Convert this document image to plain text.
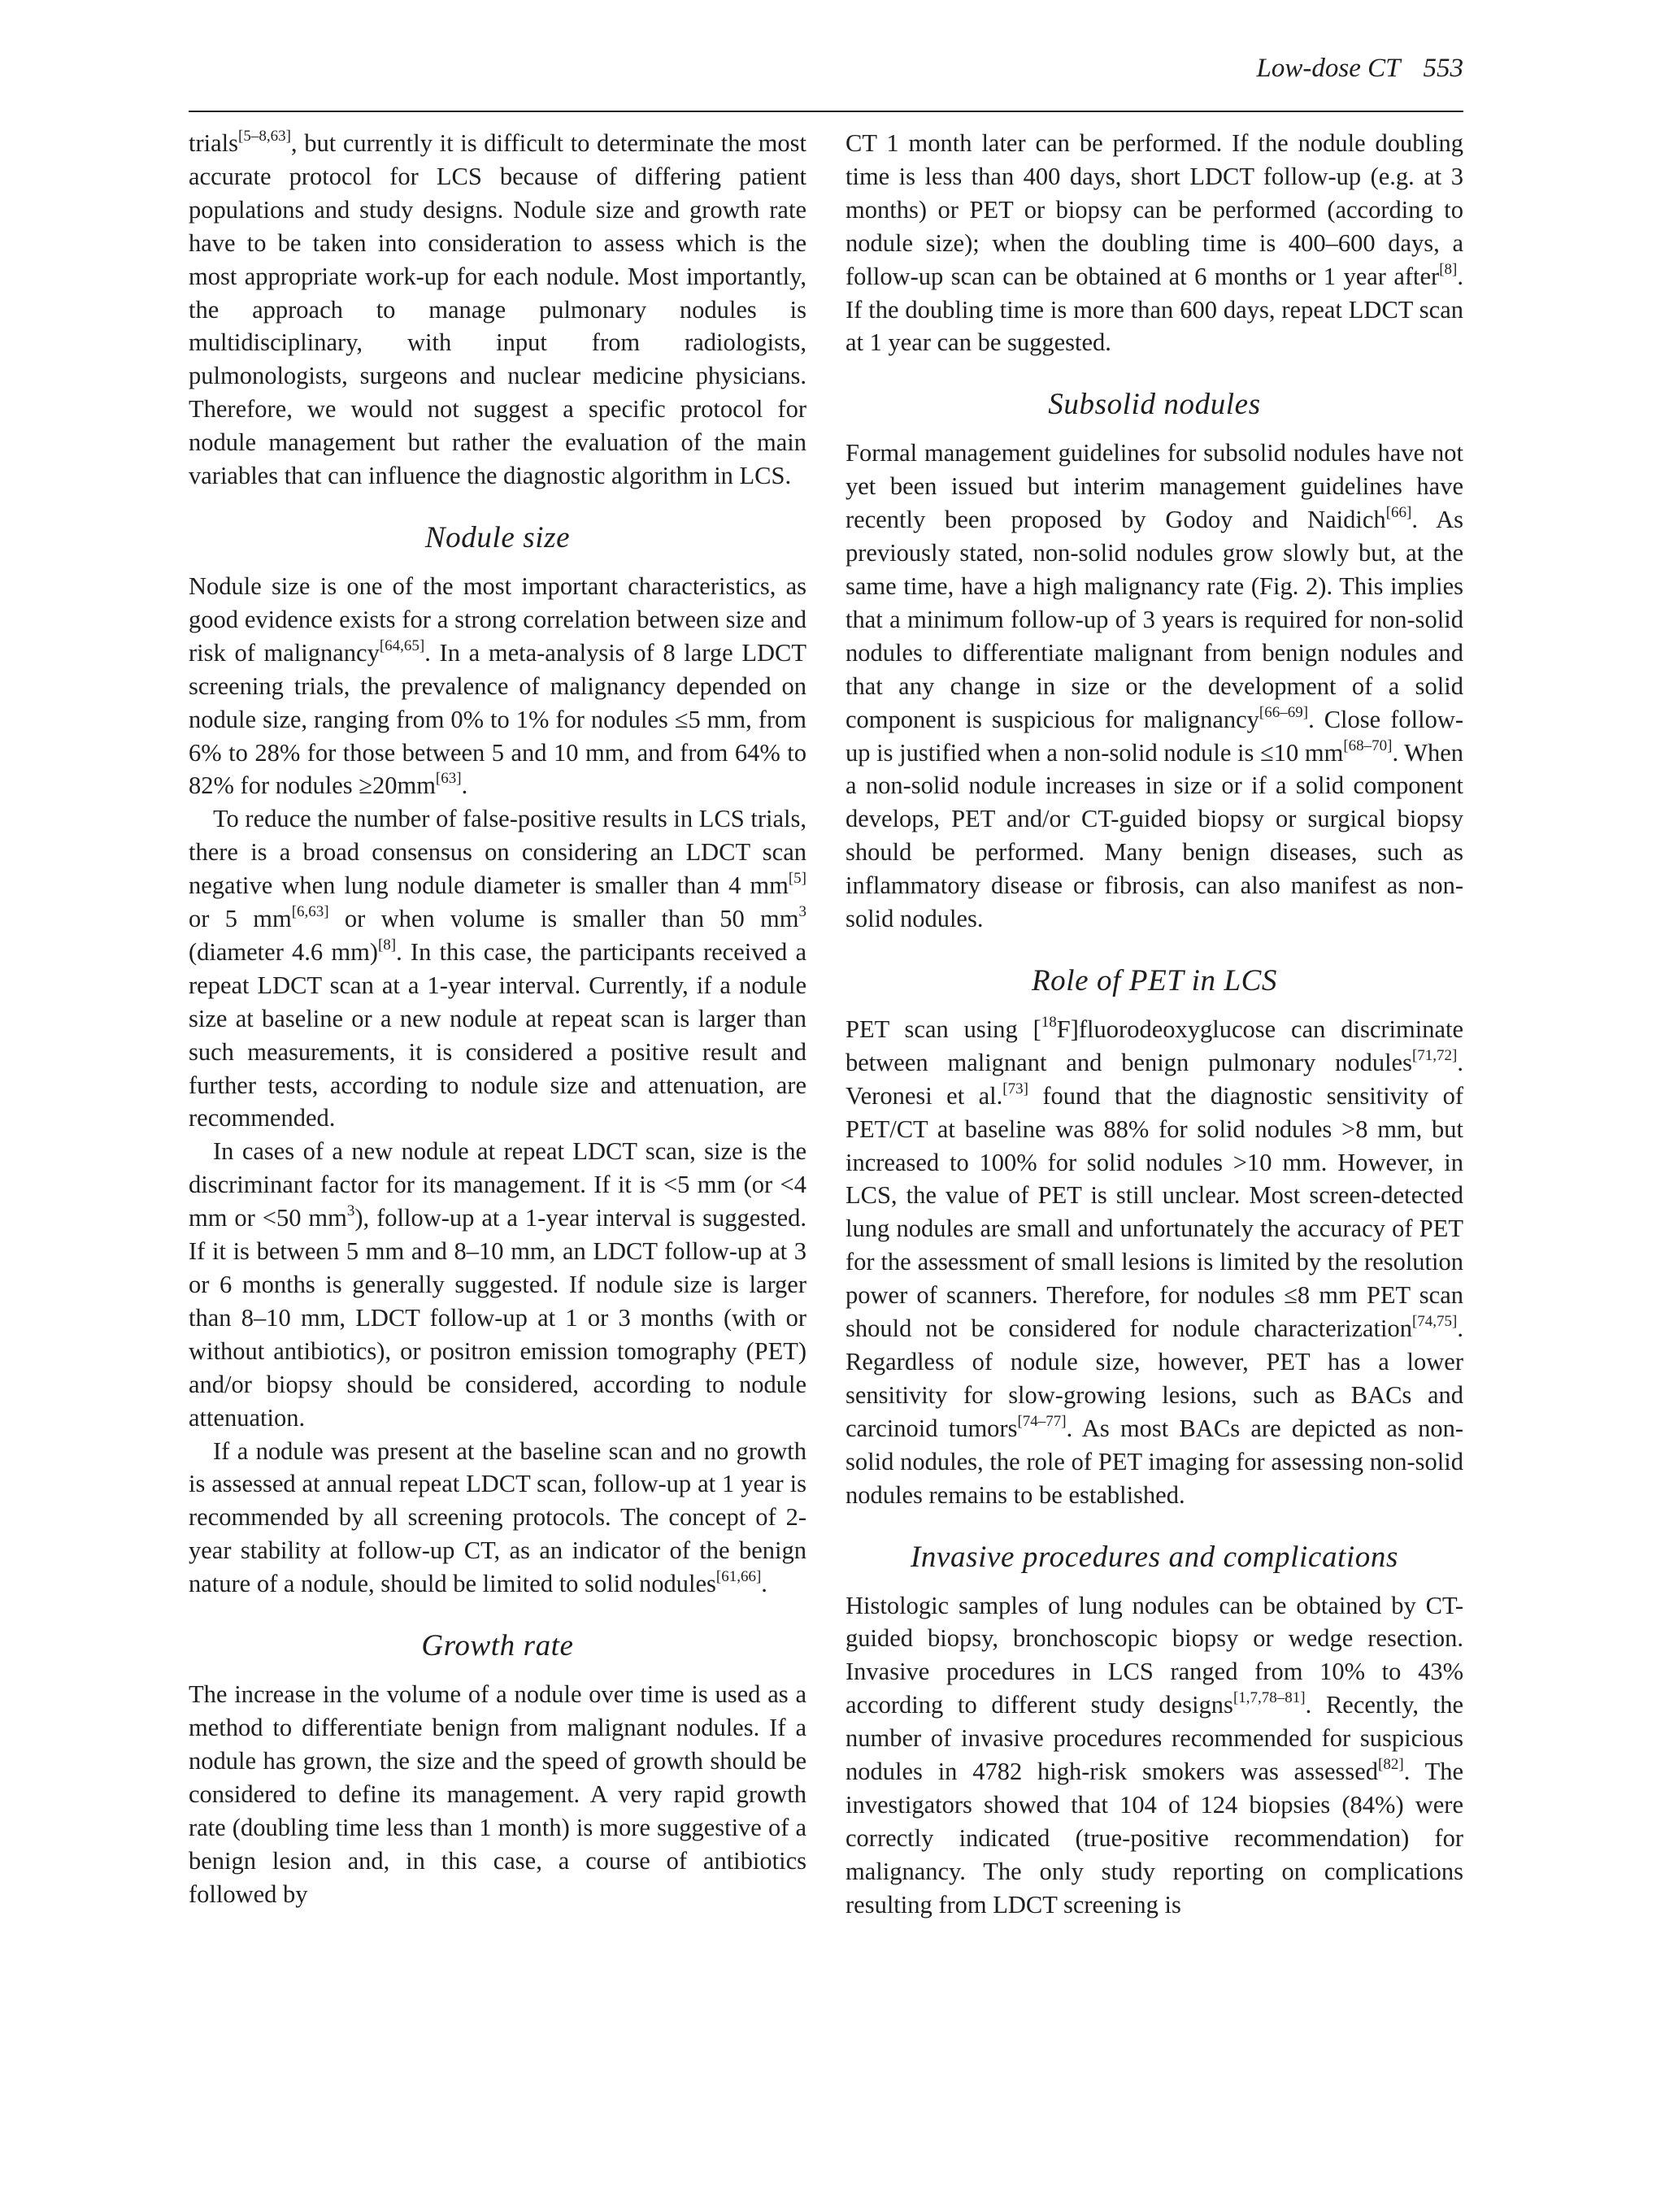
Low-dose CT 553

trials[5–8,63], but currently it is difficult to determinate the most accurate protocol for LCS because of differing patient populations and study designs. Nodule size and growth rate have to be taken into consideration to assess which is the most appropriate work-up for each nodule. Most importantly, the approach to manage pulmonary nodules is multidisciplinary, with input from radiologists, pulmonologists, surgeons and nuclear medicine physicians. Therefore, we would not suggest a specific protocol for nodule management but rather the evaluation of the main variables that can influence the diagnostic algorithm in LCS.

Nodule size

Nodule size is one of the most important characteristics, as good evidence exists for a strong correlation between size and risk of malignancy[64,65]. In a meta-analysis of 8 large LDCT screening trials, the prevalence of malignancy depended on nodule size, ranging from 0% to 1% for nodules ≤5 mm, from 6% to 28% for those between 5 and 10 mm, and from 64% to 82% for nodules ≥20mm[63].

To reduce the number of false-positive results in LCS trials, there is a broad consensus on considering an LDCT scan negative when lung nodule diameter is smaller than 4 mm[5] or 5 mm[6,63] or when volume is smaller than 50 $mm^3$ (diameter 4.6 mm)[8]. In this case, the participants received a repeat LDCT scan at a 1-year interval. Currently, if a nodule size at baseline or a new nodule at repeat scan is larger than such measurements, it is considered a positive result and further tests, according to nodule size and attenuation, are recommended.

In cases of a new nodule at repeat LDCT scan, size is the discriminant factor for its management. If it is <5 mm (or <4 mm or <50 $mm^3$), follow-up at a 1-year interval is suggested. If it is between 5 mm and 8–10 mm, an LDCT follow-up at 3 or 6 months is generally suggested. If nodule size is larger than 8–10 mm, LDCT follow-up at 1 or 3 months (with or without antibiotics), or positron emission tomography (PET) and/or biopsy should be considered, according to nodule attenuation.

If a nodule was present at the baseline scan and no growth is assessed at annual repeat LDCT scan, follow-up at 1 year is recommended by all screening protocols. The concept of 2-year stability at follow-up CT, as an indicator of the benign nature of a nodule, should be limited to solid nodules[61,66].

Growth rate

The increase in the volume of a nodule over time is used as a method to differentiate benign from malignant nodules. If a nodule has grown, the size and the speed of growth should be considered to define its management. A very rapid growth rate (doubling time less than 1 month) is more suggestive of a benign lesion and, in this case, a course of antibiotics followed by

CT 1 month later can be performed. If the nodule doubling time is less than 400 days, short LDCT follow-up (e.g. at 3 months) or PET or biopsy can be performed (according to nodule size); when the doubling time is 400–600 days, a follow-up scan can be obtained at 6 months or 1 year after[8]. If the doubling time is more than 600 days, repeat LDCT scan at 1 year can be suggested.

Subsolid nodules

Formal management guidelines for subsolid nodules have not yet been issued but interim management guidelines have recently been proposed by Godoy and Naidich[66]. As previously stated, non-solid nodules grow slowly but, at the same time, have a high malignancy rate (Fig. 2). This implies that a minimum follow-up of 3 years is required for non-solid nodules to differentiate malignant from benign nodules and that any change in size or the development of a solid component is suspicious for malignancy[66–69]. Close follow-up is justified when a non-solid nodule is ≤10 mm[68–70]. When a non-solid nodule increases in size or if a solid component develops, PET and/or CT-guided biopsy or surgical biopsy should be performed. Many benign diseases, such as inflammatory disease or fibrosis, can also manifest as non-solid nodules.

Role of PET in LCS

PET scan using [$^{18}$F]fluorodeoxyglucose can discriminate between malignant and benign pulmonary nodules[71,72]. Veronesi et al.[73] found that the diagnostic sensitivity of PET/CT at baseline was 88% for solid nodules >8 mm, but increased to 100% for solid nodules >10 mm. However, in LCS, the value of PET is still unclear. Most screen-detected lung nodules are small and unfortunately the accuracy of PET for the assessment of small lesions is limited by the resolution power of scanners. Therefore, for nodules ≤8 mm PET scan should not be considered for nodule characterization[74,75]. Regardless of nodule size, however, PET has a lower sensitivity for slow-growing lesions, such as BACs and carcinoid tumors[74–77]. As most BACs are depicted as non-solid nodules, the role of PET imaging for assessing non-solid nodules remains to be established.

Invasive procedures and complications

Histologic samples of lung nodules can be obtained by CT-guided biopsy, bronchoscopic biopsy or wedge resection. Invasive procedures in LCS ranged from 10% to 43% according to different study designs[1,7,78–81]. Recently, the number of invasive procedures recommended for suspicious nodules in 4782 high-risk smokers was assessed[82]. The investigators showed that 104 of 124 biopsies (84%) were correctly indicated (true-positive recommendation) for malignancy. The only study reporting on complications resulting from LDCT screening is
